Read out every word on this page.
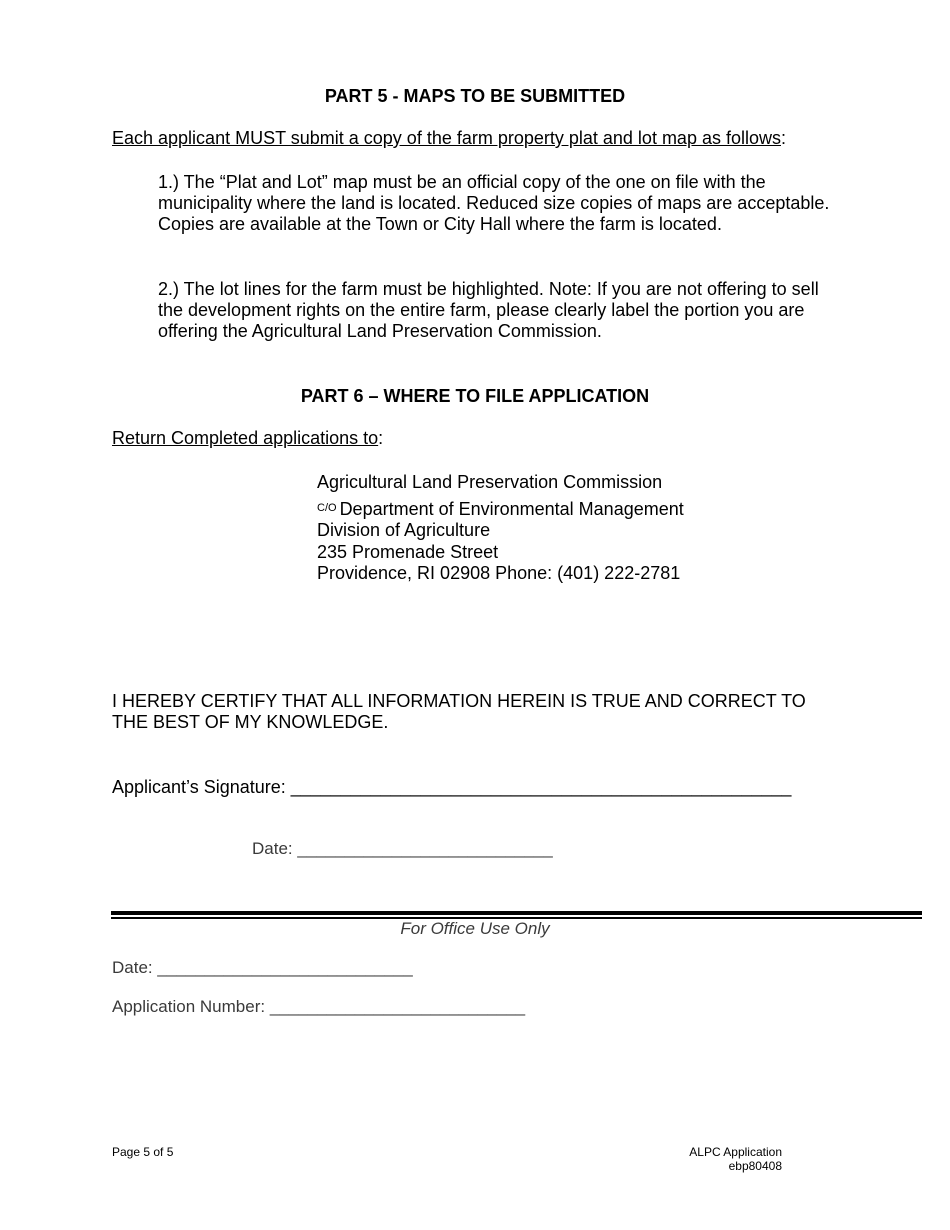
PART 5 - MAPS TO BE SUBMITTED
Each applicant MUST submit a copy of the farm property plat and lot map as follows:
1.) The “Plat and Lot” map must be an official copy of the one on file with the municipality where the land is located. Reduced size copies of maps are acceptable. Copies are available at the Town or City Hall where the farm is located.
2.) The lot lines for the farm must be highlighted. Note: If you are not offering to sell the development rights on the entire farm, please clearly label the portion you are offering the Agricultural Land Preservation Commission.
PART 6 – WHERE TO FILE APPLICATION
Return Completed applications to:
Agricultural Land Preservation Commission
$^{C/O}$ Department of Environmental Management
Division of Agriculture
235 Promenade Street
Providence, RI 02908 Phone: (401) 222-2781
I HEREBY CERTIFY THAT ALL INFORMATION HEREIN IS TRUE AND CORRECT TO THE BEST OF MY KNOWLEDGE.
Applicant’s Signature: __________________________________________________
Date: ___________________________
For Office Use Only
Date: ___________________________
Application Number: ___________________________
Page 5 of 5	ALPC Application
ebp80408
